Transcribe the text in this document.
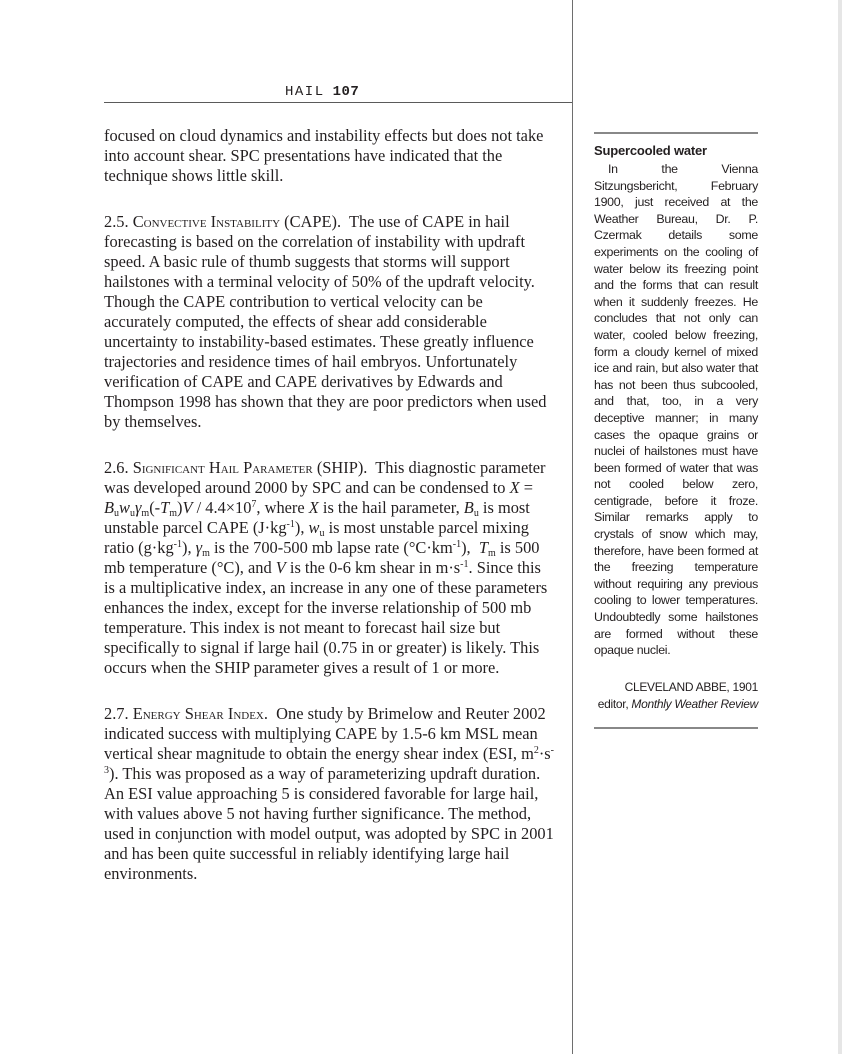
HAIL 107

focused on cloud dynamics and instability effects but does not take into account shear. SPC presentations have indicated that the technique shows little skill.

2.5. Convective Instability (CAPE). The use of CAPE in hail forecasting is based on the correlation of instability with updraft speed. A basic rule of thumb suggests that storms will support hailstones with a terminal velocity of 50% of the updraft velocity. Though the CAPE contribution to vertical velocity can be accurately computed, the effects of shear add considerable uncertainty to instability-based estimates. These greatly influence trajectories and residence times of hail embryos. Unfortunately verification of CAPE and CAPE derivatives by Edwards and Thompson 1998 has shown that they are poor predictors when used by themselves.

2.6. Significant Hail Parameter (SHIP). This diagnostic parameter was developed around 2000 by SPC and can be condensed to $X = B_uw_u\gamma_m(-T_m)V / 4.4\times 10^7$, where X is the hail parameter, $B_u$ is most unstable parcel CAPE $(J\cdot kg^{-1})$, $w_u$ is most unstable parcel mixing ratio $(g\cdot kg^{-1})$, $\gamma_m$ is the 700-500 mb lapse rate $(^\circ C\cdot km^{-1})$, $T_m$ is 500 mb temperature (°C), and V is the 0-6 km shear in $m\cdot s^{-1}$. Since this is a multiplicative index, an increase in any one of these parameters enhances the index, except for the inverse relationship of 500 mb temperature. This index is not meant to forecast hail size but specifically to signal if large hail (0.75 in or greater) is likely. This occurs when the SHIP parameter gives a result of 1 or more.

2.7. Energy Shear Index.  One study by Brimelow and Reuter 2002 indicated success with multiplying CAPE by 1.5-6 km MSL mean vertical shear magnitude to obtain the energy shear index (ESI, $m^2\cdot s^{-3}$). This was proposed as a way of parameterizing updraft duration. An ESI value approaching 5 is considered favorable for large hail, with values above 5 not having further significance. The method, used in conjunction with model output, was adopted by SPC in 2001 and has been quite successful in reliably identifying large hail environments.

Supercooled water
In the Vienna Sitzungsbericht, February 1900, just received at the Weather Bureau, Dr. P. Czermak details some experiments on the cooling of water below its freezing point and the forms that can result when it suddenly freezes. He concludes that not only can water, cooled below freezing, form a cloudy kernel of mixed ice and rain, but also water that has not been thus subcooled, and that, too, in a very deceptive manner; in many cases the opaque grains or nuclei of hailstones must have been formed of water that was not cooled below zero, centigrade, before it froze. Similar remarks apply to crystals of snow which may, therefore, have been formed at the freezing temperature without requiring any previous cooling to lower temperatures. Undoubtedly some hailstones are formed without these opaque nuclei.
CLEVELAND ABBE, 1901
editor, Monthly Weather Review
